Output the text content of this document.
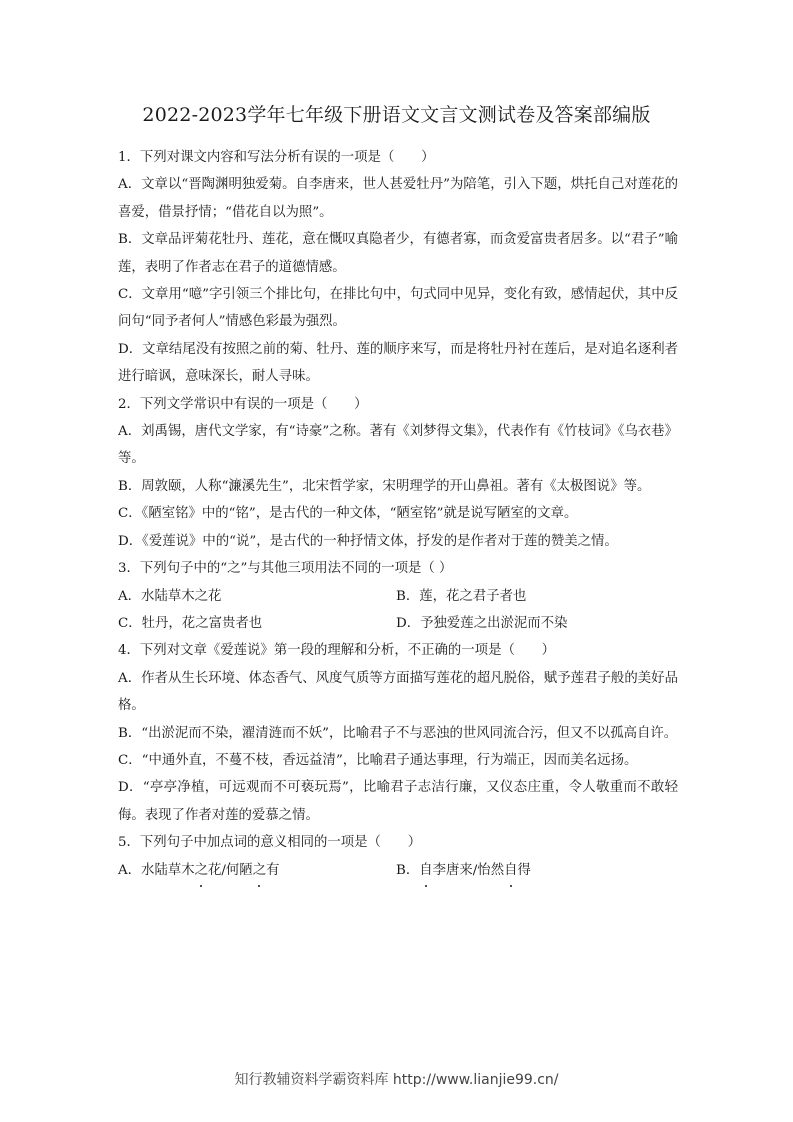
2022-2023学年七年级下册语文文言文测试卷及答案部编版

1．下列对课文内容和写法分析有误的一项是（　　）

A．文章以“晋陶渊明独爱菊。自李唐来，世人甚爱牡丹”为陪笔，引入下题，烘托自己对莲花的喜爱，借景抒情；“借花自以为照”。

B．文章品评菊花牡丹、莲花，意在慨叹真隐者少，有德者寡，而贪爱富贵者居多。以“君子”喻莲，表明了作者志在君子的道德情感。

C．文章用“噫”字引领三个排比句，在排比句中，句式同中见异，变化有致，感情起伏，其中反问句“同予者何人”情感色彩最为强烈。

D．文章结尾没有按照之前的菊、牡丹、莲的顺序来写，而是将牡丹衬在莲后，是对追名逐利者进行暗讽，意味深长，耐人寻味。

2．下列文学常识中有误的一项是（　　）

A．刘禹锡，唐代文学家，有“诗豪”之称。著有《刘梦得文集》，代表作有《竹枝词》《乌衣巷》等。

B．周敦颐，人称“濂溪先生”，北宋哲学家，宋明理学的开山鼻祖。著有《太极图说》等。

C．《陋室铭》中的“铭”，是古代的一种文体，“陋室铭”就是说写陋室的文章。

D．《爱莲说》中的“说”，是古代的一种抒情文体，抒发的是作者对于莲的赞美之情。

3．下列句子中的“之”与其他三项用法不同的一项是（ ）

A．水陆草木之花	B．莲，花之君子者也
C．牡丹，花之富贵者也	D．予独爱莲之出淤泥而不染

4．下列对文章《爱莲说》第一段的理解和分析，不正确的一项是（　　）

A．作者从生长环境、体态香气、风度气质等方面描写莲花的超凡脱俗，赋予莲君子般的美好品格。

B．“出淤泥而不染，濯清涟而不妖”，比喻君子不与恶浊的世风同流合污，但又不以孤高自许。

C．“中通外直，不蔓不枝，香远益清”，比喻君子通达事理，行为端正，因而美名远扬。

D．“亭亭净植，可远观而不可亵玩焉”，比喻君子志洁行廉，又仪态庄重，令人敬重而不敢轻侮。表现了作者对莲的爱慕之情。

5．下列句子中加点词的意义相同的一项是（　　）

A．水陆草木之花/何陋之有	B．自李唐来/怡然自得
知行教辅资料学霸资料库 http://www.lianjie99.cn/
